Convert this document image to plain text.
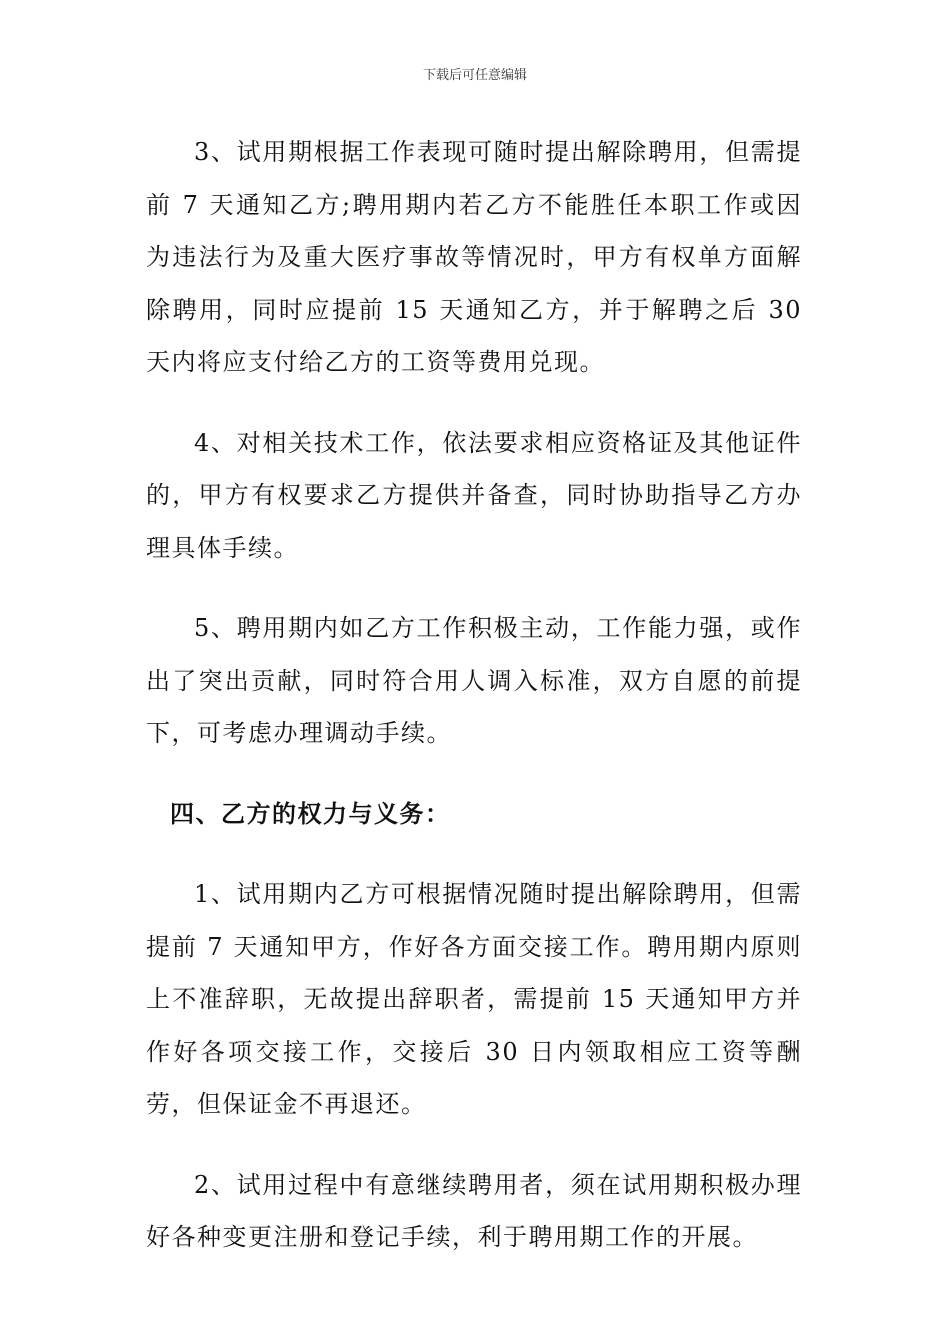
下载后可任意编辑

3、试用期根据工作表现可随时提出解除聘用，但需提前 7 天通知乙方;聘用期内若乙方不能胜任本职工作或因为违法行为及重大医疗事故等情况时，甲方有权单方面解除聘用，同时应提前 15 天通知乙方，并于解聘之后 30 天内将应支付给乙方的工资等费用兑现。

4、对相关技术工作，依法要求相应资格证及其他证件的，甲方有权要求乙方提供并备查，同时协助指导乙方办理具体手续。

5、聘用期内如乙方工作积极主动，工作能力强，或作出了突出贡献，同时符合用人调入标准，双方自愿的前提下，可考虑办理调动手续。

四、乙方的权力与义务：

1、试用期内乙方可根据情况随时提出解除聘用，但需提前 7 天通知甲方，作好各方面交接工作。聘用期内原则上不准辞职，无故提出辞职者，需提前 15 天通知甲方并作好各项交接工作，交接后 30 日内领取相应工资等酬劳，但保证金不再退还。

2、试用过程中有意继续聘用者，须在试用期积极办理好各种变更注册和登记手续，利于聘用期工作的开展。
